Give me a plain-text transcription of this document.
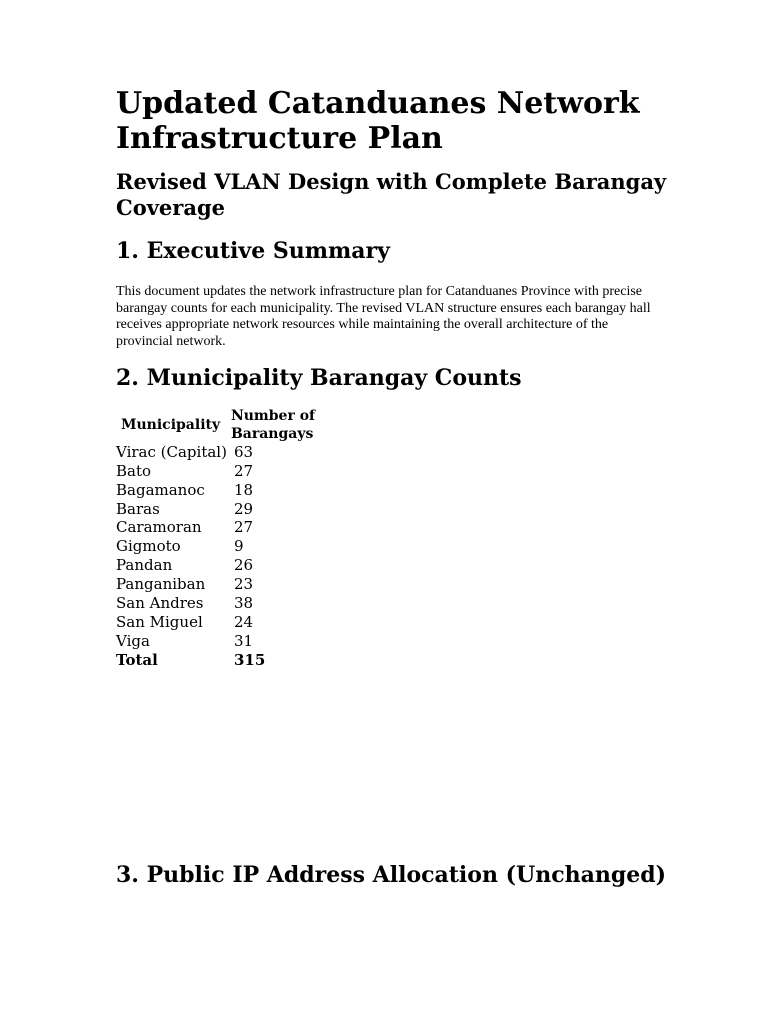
Updated Catanduanes Network Infrastructure Plan
Revised VLAN Design with Complete Barangay Coverage
1. Executive Summary

This document updates the network infrastructure plan for Catanduanes Province with precise barangay counts for each municipality. The revised VLAN structure ensures each barangay hall receives appropriate network resources while maintaining the overall architecture of the provincial network.

2. Municipality Barangay Counts
Municipality	Number of Barangays
Virac (Capital)	63
Bato	27
Bagamanoc	18
Baras	29
Caramoran	27
Gigmoto	9
Pandan	26
Panganiban	23
San Andres	38
San Miguel	24
Viga	31
Total	315
3. Public IP Address Allocation (Unchanged)
